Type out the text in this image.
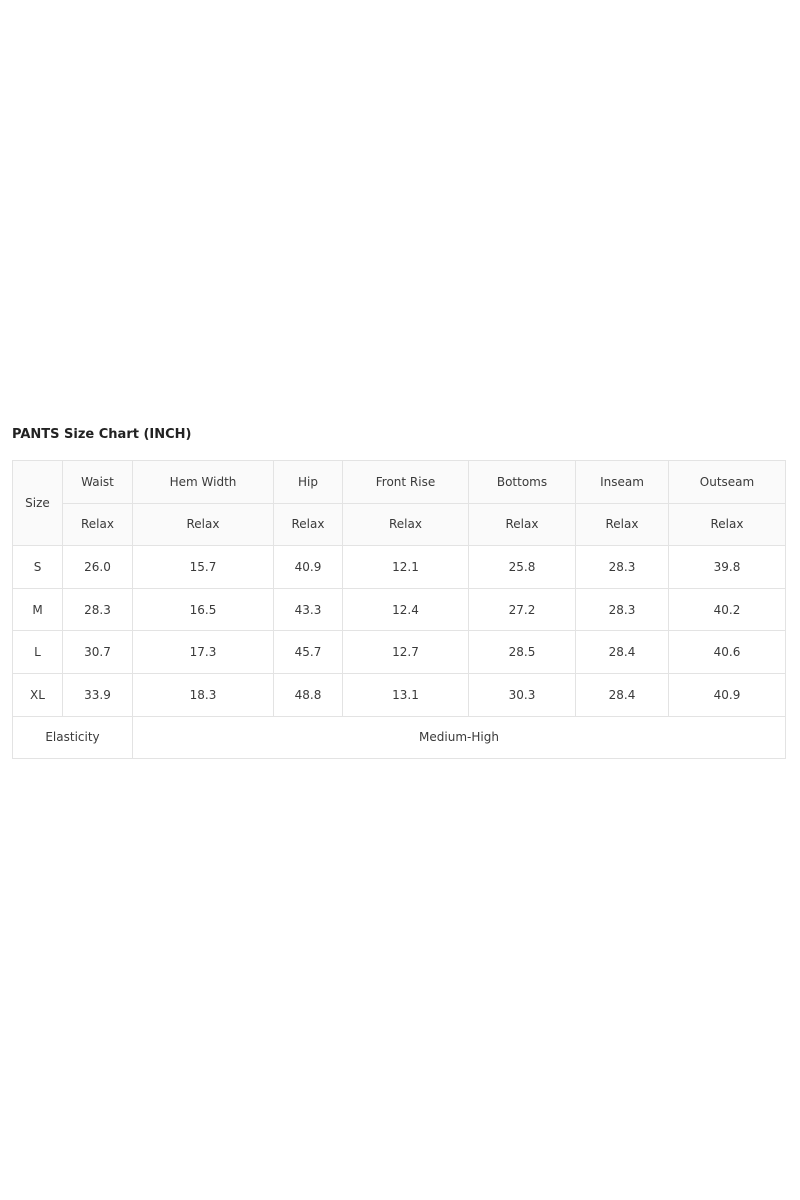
PANTS Size Chart (INCH)
Size	Waist	Hem Width	Hip	Front Rise	Bottoms	Inseam	Outseam
	Relax	Relax	Relax	Relax	Relax	Relax	Relax
S	26.0	15.7	40.9	12.1	25.8	28.3	39.8
M	28.3	16.5	43.3	12.4	27.2	28.3	40.2
L	30.7	17.3	45.7	12.7	28.5	28.4	40.6
XL	33.9	18.3	48.8	13.1	30.3	28.4	40.9
Elasticity		Medium-High					
